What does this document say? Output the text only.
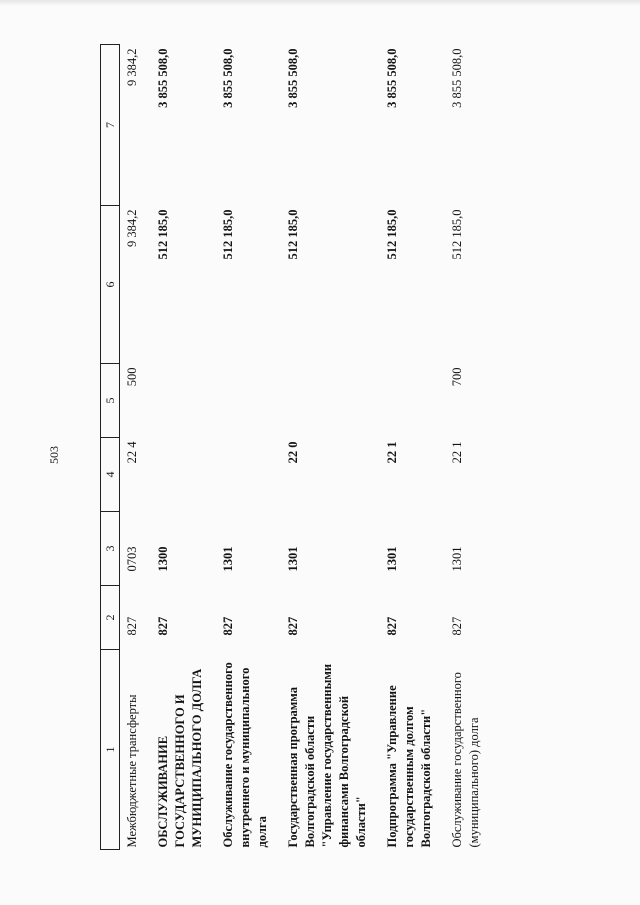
503
1	2	3	4	5	6	7
Межбюджетные трансферты	827	0703	22 4	500	9 384,2	9 384,2
ОБСЛУЖИВАНИЕ ГОСУДАРСТВЕННОГО И МУНИЦИПАЛЬНОГО ДОЛГА	827	1300			512 185,0	3 855 508,0
Обслуживание государственного внутреннего и муниципального долга	827	1301			512 185,0	3 855 508,0
Государственная программа Волгоградской области "Управление государственными финансами Волгоградской области"	827	1301	22 0		512 185,0	3 855 508,0
Подпрограмма "Управление государственным долгом Волгоградской области"	827	1301	22 1		512 185,0	3 855 508,0
Обслуживание государственного (муниципального) долга	827	1301	22 1	700	512 185,0	3 855 508,0
